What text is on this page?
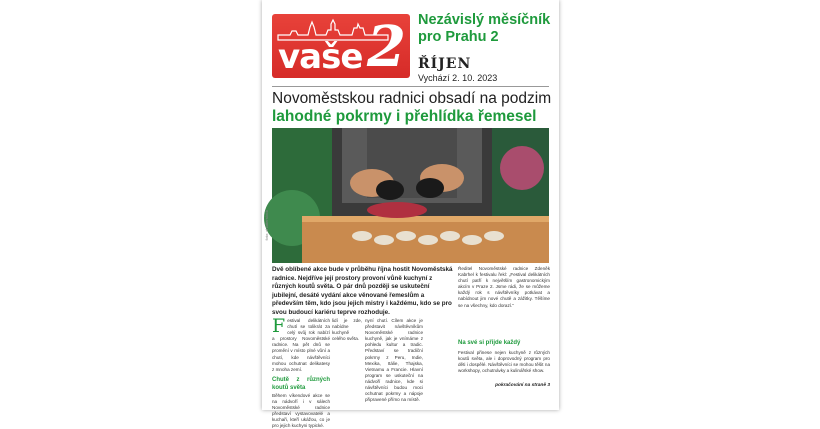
vaše 2 Nezávislý měsíčník pro Prahu 2
ŘÍJEN
Vychází 2. 10. 2023
Novoměstskou radnici obsadí na podzim
lahodné pokrmy i přehlídka řemesel
foto: shutterstock
Dvě oblíbené akce bude v průběhu října hostit Novoměstská radnice. Nejdříve její prostory provoní vůně kuchyní z různých koutů světa. O pár dnů později se uskuteční jubilejní, desáté vydání akce věnované řemeslům a především těm, kdo jsou jejich mistry i každému, kdo se pro svou budoucí kariéru teprve rozhoduje.
F estival delikátních chutí se tolikrát za celý svůj rok nabízí a prostory Novoměstské radnice. Na pět dnů se promění v místo plné vůní a chutí, kde návštěvníci mohou ochutnat delikatesy z mnoha zemí.
Chutě z různých koutů světa
Během víkendové akce se na nádvoří i v sálech Novoměstské radnice představí vystavovatelé a kuchaři, kteří ukážou, co je pro jejich kuchyni typické.
lidí je zde, nabídne kuchyně celého světa.
nyní chutí. Cílem akce je představit návštěvníkům Novoměstské radnice kuchyně, jak je vnímáme z pohledu kultur a tradic. Představí se tradiční pokrmy z Peru, Indie, Mexika, Itálie, Thajska, Vietnamu a Francie. Hlavní program se uskuteční na nádvoří radnice, kde si návštěvníci budou moci ochutnat pokrmy a nápoje připravené přímo na místě.
Ředitel Novoměstské radnice Zdeněk Kabrhel k festivalu řekl: „Festival delikátních chutí patří k největším gastronomickým akcím v Praze 2. Jsme rádi, že se můžeme každý rok s návštěvníky potkávat a nabídnout jim nové chutě a zážitky. Těšíme se na všechny, kdo dorazí.“
Na své si přijde každý
Festival přinese nejen kuchyně z různých koutů světa, ale i doprovodný program pro děti i dospělé. Návštěvníci se mohou těšit na workshopy, ochutnávky a kulinářské show.
pokračování na straně 3
